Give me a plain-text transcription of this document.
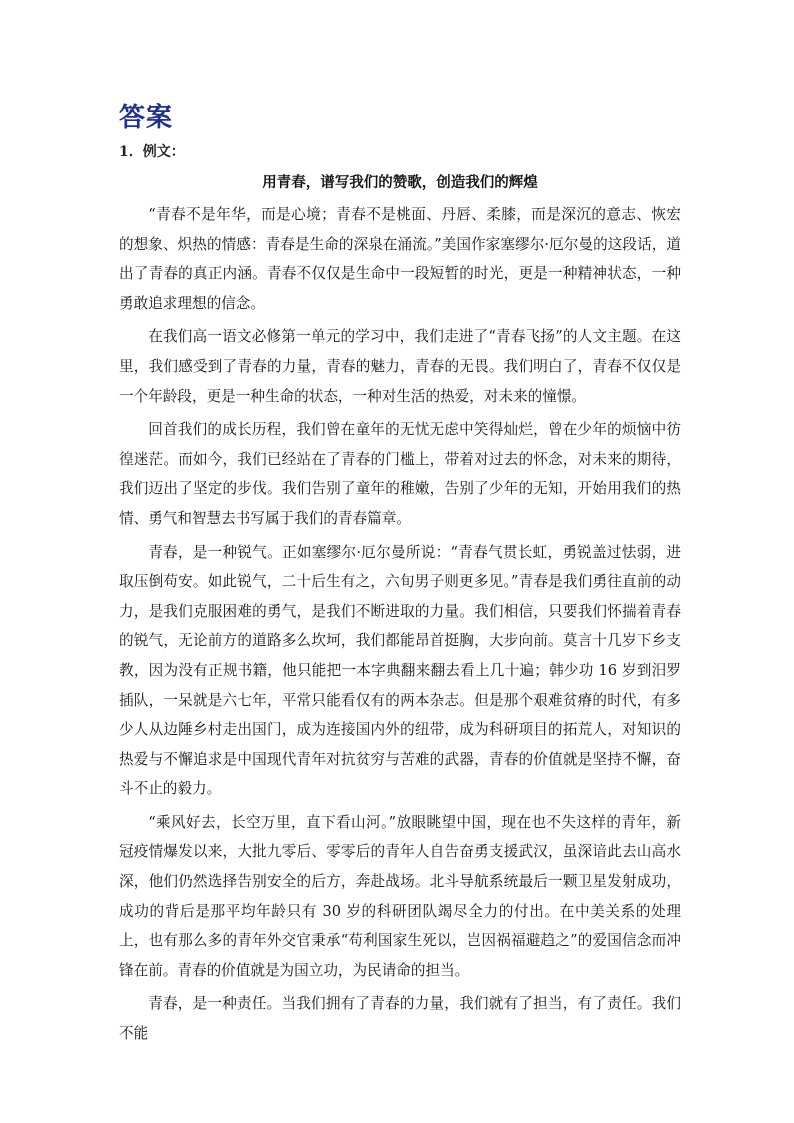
答案
1．例文：
用青春，谱写我们的赞歌，创造我们的辉煌

“青春不是年华，而是心境；青春不是桃面、丹唇、柔膝，而是深沉的意志、恢宏的想象、炽热的情感：青春是生命的深泉在涌流。”美国作家塞缪尔·厄尔曼的这段话，道出了青春的真正内涵。青春不仅仅是生命中一段短暂的时光，更是一种精神状态，一种勇敢追求理想的信念。

在我们高一语文必修第一单元的学习中，我们走进了“青春飞扬”的人文主题。在这里，我们感受到了青春的力量，青春的魅力，青春的无畏。我们明白了，青春不仅仅是一个年龄段，更是一种生命的状态，一种对生活的热爱，对未来的憧憬。

回首我们的成长历程，我们曾在童年的无忧无虑中笑得灿烂，曾在少年的烦恼中彷徨迷茫。而如今，我们已经站在了青春的门槛上，带着对过去的怀念，对未来的期待，我们迈出了坚定的步伐。我们告别了童年的稚嫩，告别了少年的无知，开始用我们的热情、勇气和智慧去书写属于我们的青春篇章。

青春，是一种锐气。正如塞缪尔·厄尔曼所说：“青春气贯长虹，勇锐盖过怯弱，进取压倒苟安。如此锐气，二十后生有之，六旬男子则更多见。”青春是我们勇往直前的动力，是我们克服困难的勇气，是我们不断进取的力量。我们相信，只要我们怀揣着青春的锐气，无论前方的道路多么坎坷，我们都能昂首挺胸，大步向前。莫言十几岁下乡支教，因为没有正规书籍，他只能把一本字典翻来翻去看上几十遍；韩少功 16 岁到汨罗插队，一呆就是六七年，平常只能看仅有的两本杂志。但是那个艰难贫瘠的时代，有多少人从边陲乡村走出国门，成为连接国内外的纽带，成为科研项目的拓荒人，对知识的热爱与不懈追求是中国现代青年对抗贫穷与苦难的武器，青春的价值就是坚持不懈，奋斗不止的毅力。

“乘风好去，长空万里，直下看山河。”放眼眺望中国，现在也不失这样的青年，新冠疫情爆发以来，大批九零后、零零后的青年人自告奋勇支援武汉，虽深谙此去山高水深，他们仍然选择告别安全的后方，奔赴战场。北斗导航系统最后一颗卫星发射成功，成功的背后是那平均年龄只有 30 岁的科研团队竭尽全力的付出。在中美关系的处理上，也有那么多的青年外交官秉承“苟利国家生死以，岂因祸福避趋之”的爱国信念而冲锋在前。青春的价值就是为国立功，为民请命的担当。

青春，是一种责任。当我们拥有了青春的力量，我们就有了担当，有了责任。我们不能
